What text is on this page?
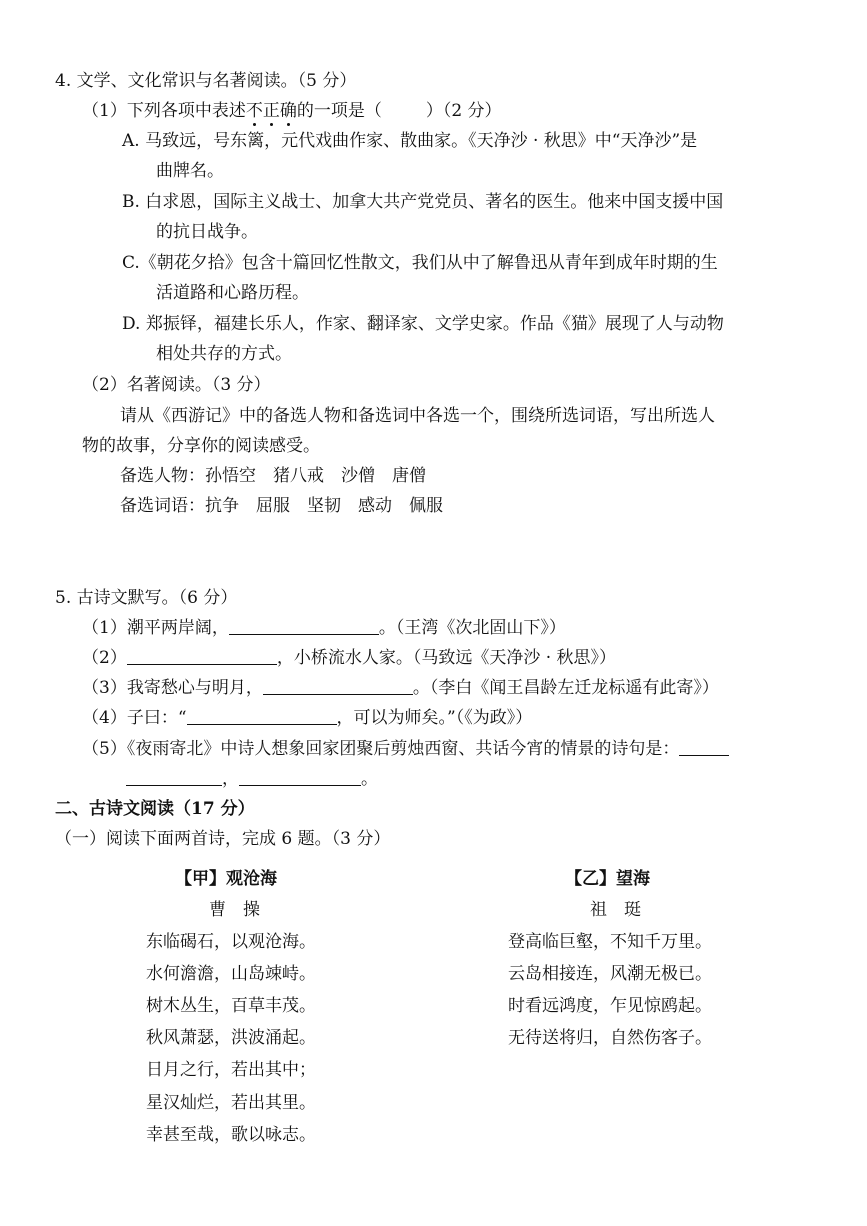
4. 文学、文化常识与名著阅读。（5 分）
（1）下列各项中表述不正确的一项是（	）（2 分）
A. 马致远，号东篱，元代戏曲作家、散曲家。《天净沙 · 秋思》中“天净沙”是
曲牌名。
B. 白求恩，国际主义战士、加拿大共产党党员、著名的医生。他来中国支援中国
的抗日战争。
C.《朝花夕拾》包含十篇回忆性散文，我们从中了解鲁迅从青年到成年时期的生
活道路和心路历程。
D. 郑振铎，福建长乐人，作家、翻译家、文学史家。作品《猫》展现了人与动物
相处共存的方式。
（2）名著阅读。（3 分）
请从《西游记》中的备选人物和备选词中各选一个，围绕所选词语，写出所选人
物的故事，分享你的阅读感受。
备选人物：孙悟空　猪八戒　沙僧　唐僧
备选词语：抗争　屈服　坚韧　感动　佩服
5. 古诗文默写。（6 分）
（1）潮平两岸阔，	。（王湾《次北固山下》）
（2）	，小桥流水人家。（马致远《天净沙 · 秋思》）
（3）我寄愁心与明月，	。（李白《闻王昌龄左迁龙标遥有此寄》）
（4）子曰：“	，可以为师矣。”（《为政》）
（5）《夜雨寄北》中诗人想象回家团聚后剪烛西窗、共话今宵的情景的诗句是：
，	。
二、古诗文阅读（17 分）
（一）阅读下面两首诗，完成 6 题。（3 分）
【甲】观沧海
曹　操
东临碣石，以观沧海。
水何澹澹，山岛竦峙。
树木丛生，百草丰茂。
秋风萧瑟，洪波涌起。
日月之行，若出其中；
星汉灿烂，若出其里。
幸甚至哉，歌以咏志。
【乙】望海
祖　珽
登高临巨壑，不知千万里。
云岛相接连，风潮无极已。
时看远鸿度，乍见惊鸥起。
无待送将归，自然伤客子。
